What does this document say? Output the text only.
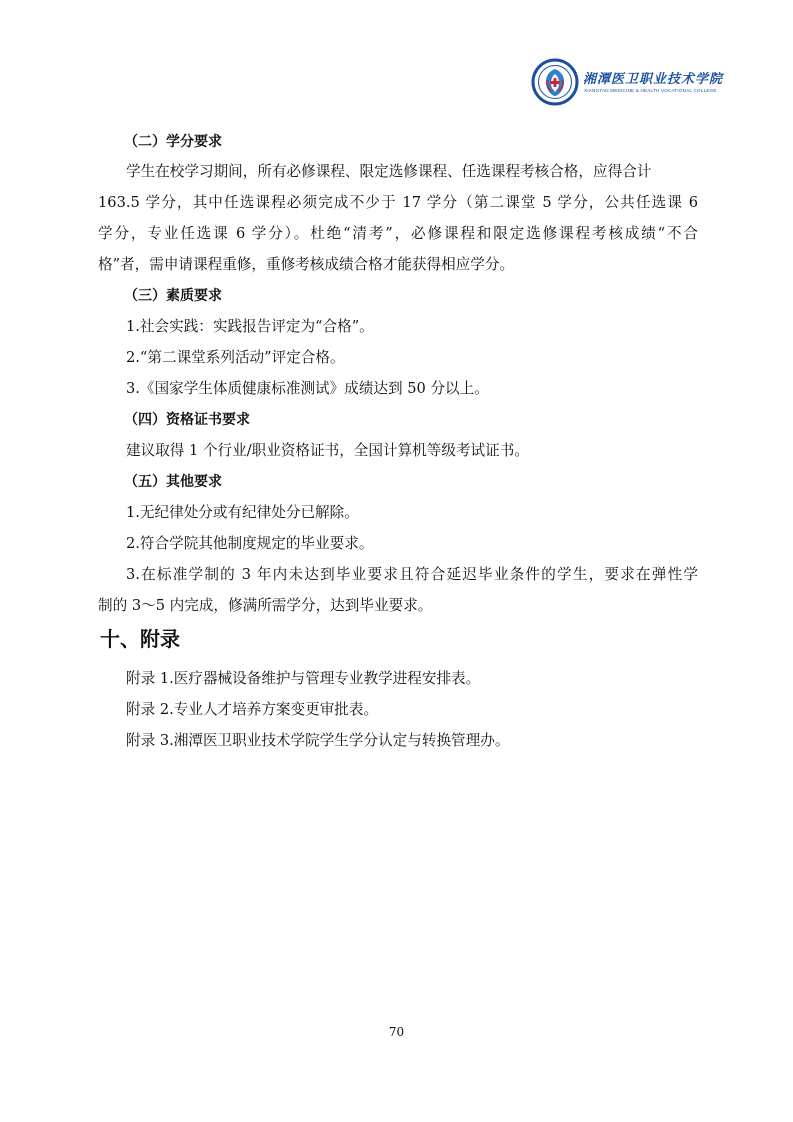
湘潭医卫职业技术学院
XIANGTAN MEDICINE & HEALTH VOCATIONAL COLLEGE
（二）学分要求
学生在校学习期间，所有必修课程、限定选修课程、任选课程考核合格，应得合计
163.5 学分，其中任选课程必须完成不少于 17 学分（第二课堂 5 学分，公共任选课 6
学分，专业任选课 6 学分）。杜绝“清考”，必修课程和限定选修课程考核成绩“不合
格”者，需申请课程重修，重修考核成绩合格才能获得相应学分。
（三）素质要求
1.社会实践：实践报告评定为“合格”。
2.“第二课堂系列活动”评定合格。
3.《国家学生体质健康标准测试》成绩达到 50 分以上。
（四）资格证书要求
建议取得 1 个行业/职业资格证书，全国计算机等级考试证书。
（五）其他要求
1.无纪律处分或有纪律处分已解除。
2.符合学院其他制度规定的毕业要求。
3.在标准学制的 3 年内未达到毕业要求且符合延迟毕业条件的学生，要求在弹性学
制的 3～5 内完成，修满所需学分，达到毕业要求。
十、附录
附录 1.医疗器械设备维护与管理专业教学进程安排表。
附录 2.专业人才培养方案变更审批表。
附录 3.湘潭医卫职业技术学院学生学分认定与转换管理办。
70
